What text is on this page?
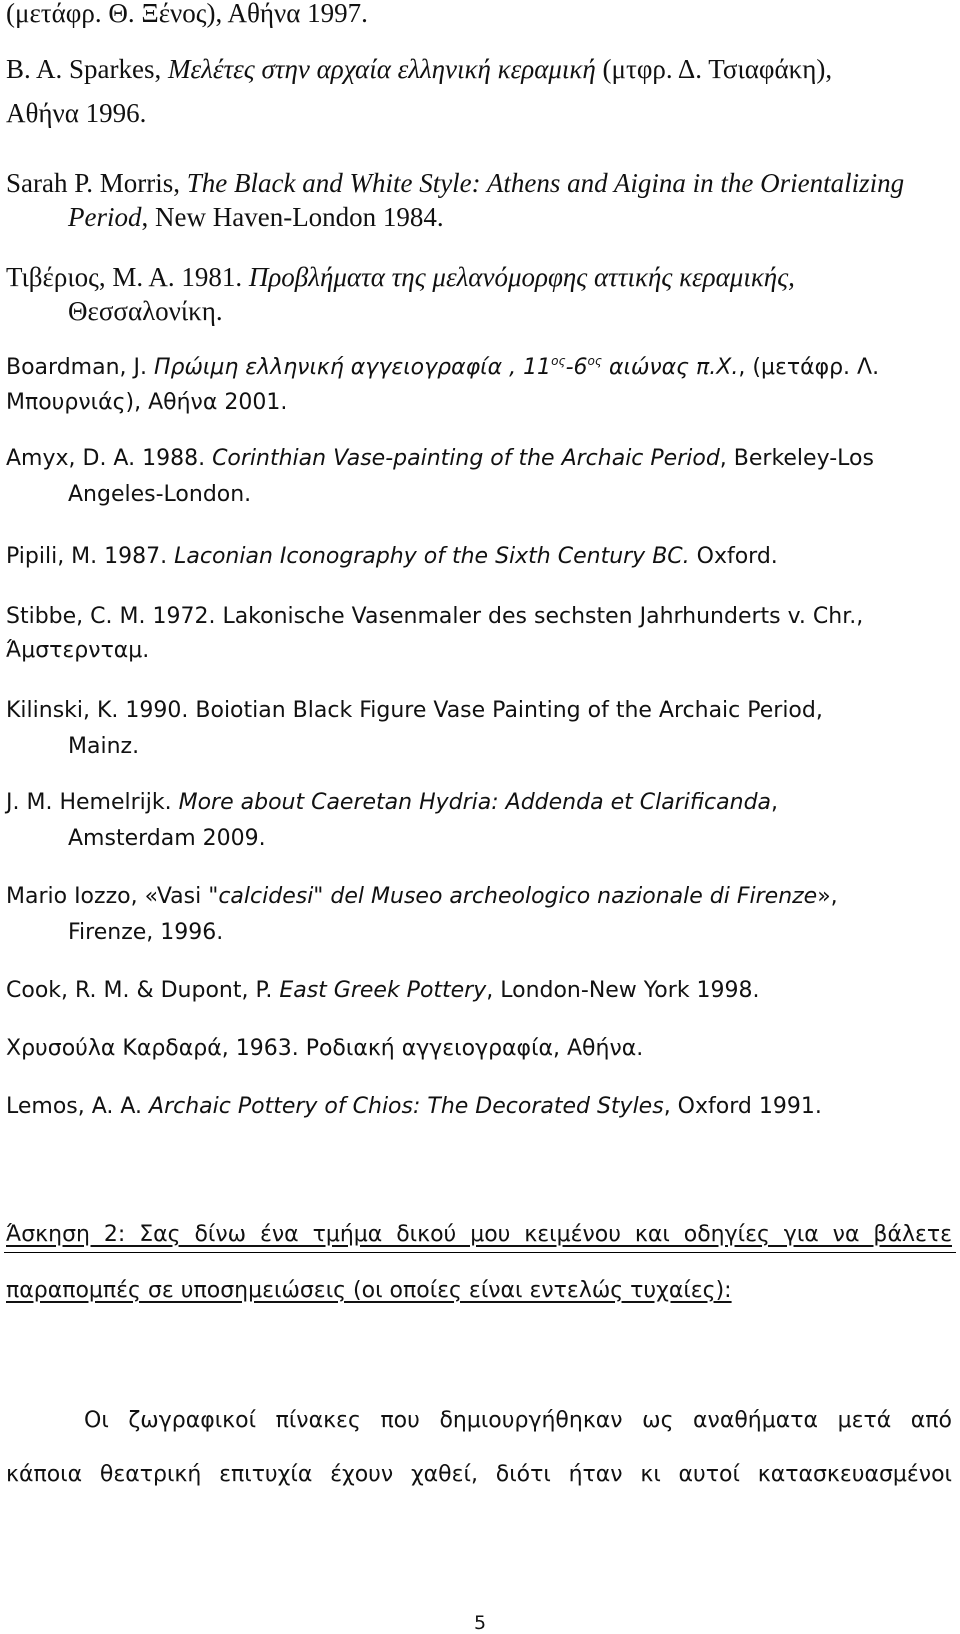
(μετάφρ. Θ. Ξένος), Αθήνα 1997.
B. A. Sparkes, Μελέτες στην αρχαία ελληνική κεραμική (μτφρ. Δ. Τσιαφάκη),
Αθήνα 1996.
Sarah P. Morris, The Black and White Style: Athens and Aigina in the Orientalizing
Period, New Haven-London 1984.
Τιβέριος, Μ. Α. 1981. Προβλήματα της μελανόμορφης αττικής κεραμικής,
Θεσσαλονίκη.
Boardman, J. Πρώιμη ελληνική αγγειογραφία , $11^{o\varsigma}-6^{o\varsigma}$ αιώνας π.Χ., (μετάφρ. Λ.
Μπουρνιάς), Αθήνα 2001.
Amyx, D. A. 1988. Corinthian Vase-painting of the Archaic Period, Berkeley-Los
Angeles-London.
Pipili, M. 1987. Laconian Iconography of the Sixth Century BC. Oxford.
Stibbe, C. M. 1972. Lakonische Vasenmaler des sechsten Jahrhunderts v. Chr.,
Άμστερνταμ.
Kilinski, K. 1990. Boiotian Black Figure Vase Painting of the Archaic Period,
Mainz.
J. M. Hemelrijk. More about Caeretan Hydria: Addenda et Clarificanda,
Amsterdam 2009.
Mario Iozzo, «Vasi "calcidesi" del Museo archeologico nazionale di Firenze»,
Firenze, 1996.
Cook, R. M. & Dupont, P. East Greek Pottery, London-New York 1998.
Χρυσούλα Καρδαρά, 1963. Ροδιακή αγγειογραφία, Αθήνα.
Lemos, A. A. Archaic Pottery of Chios: The Decorated Styles, Oxford 1991.
Άσκηση 2: Σας δίνω ένα τμήμα δικού μου κειμένου και οδηγίες για να βάλετε
παραπομπές σε υποσημειώσεις (οι οποίες είναι εντελώς τυχαίες):
Οι ζωγραφικοί πίνακες που δημιουργήθηκαν ως αναθήματα μετά από
κάποια θεατρική επιτυχία έχουν χαθεί, διότι ήταν κι αυτοί κατασκευασμένοι
5
